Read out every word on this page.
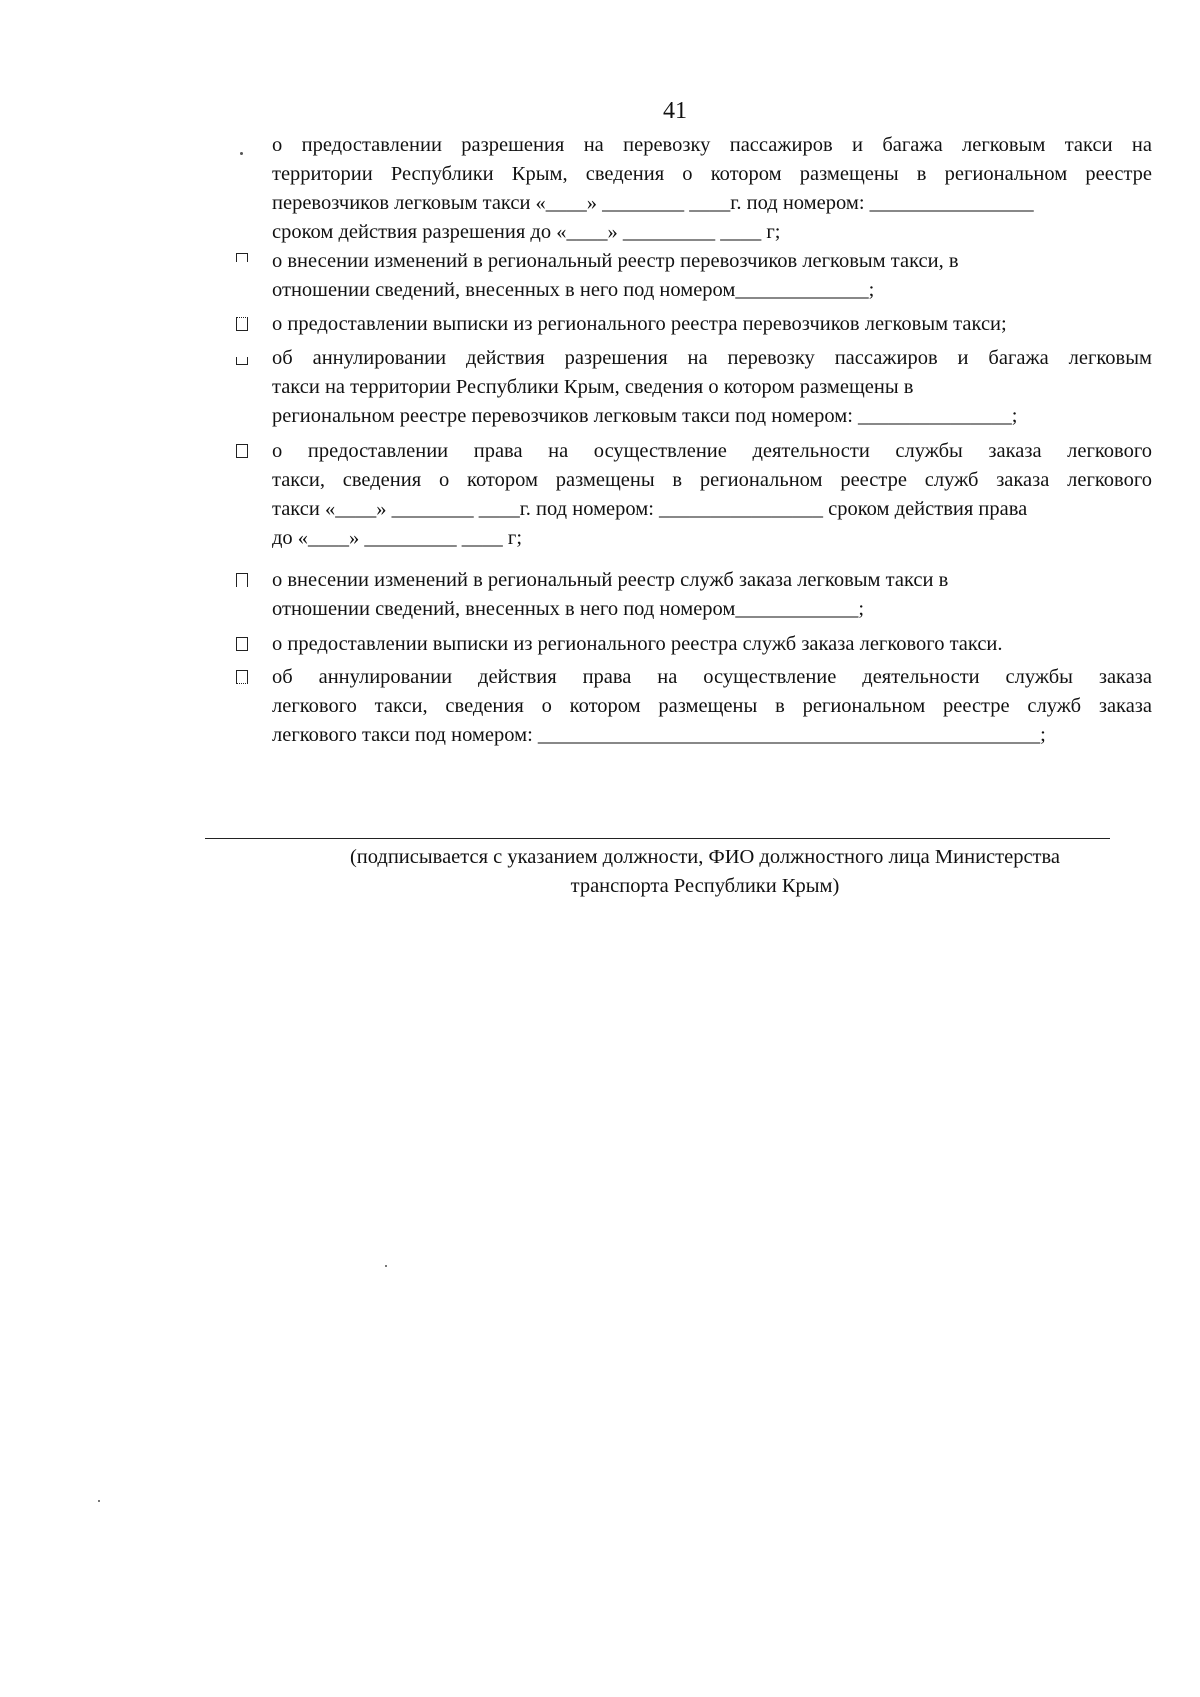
41
о предоставлении разрешения на перевозку пассажиров и багажа легковым такси на
территории Республики Крым, сведения о котором размещены в региональном реестре
перевозчиков легковым такси «____» ________ ____г. под номером: ________________
сроком действия разрешения до «____» _________ ____ г;
о внесении изменений в региональный реестр перевозчиков легковым такси, в
отношении сведений, внесенных в него под номером_____________;
о предоставлении выписки из регионального реестра перевозчиков легковым такси;
об аннулировании действия разрешения на перевозку пассажиров и багажа легковым
такси на территории Республики Крым, сведения о котором размещены в
региональном реестре перевозчиков легковым такси под номером: _______________;
о предоставлении права на осуществление деятельности службы заказа легкового
такси, сведения о котором размещены в региональном реестре служб заказа легкового
такси «____» ________ ____г. под номером: ________________ сроком действия права
до «____» _________ ____ г;
о внесении изменений в региональный реестр служб заказа легковым такси в
отношении сведений, внесенных в него под номером____________;
о предоставлении выписки из регионального реестра служб заказа легкового такси.
об аннулировании действия права на осуществление деятельности службы заказа
легкового такси, сведения о котором размещены в региональном реестре служб заказа
легкового такси под номером: _________________________________________________;
(подписывается с указанием должности, ФИО должностного лица Министерства
транспорта Республики Крым)
